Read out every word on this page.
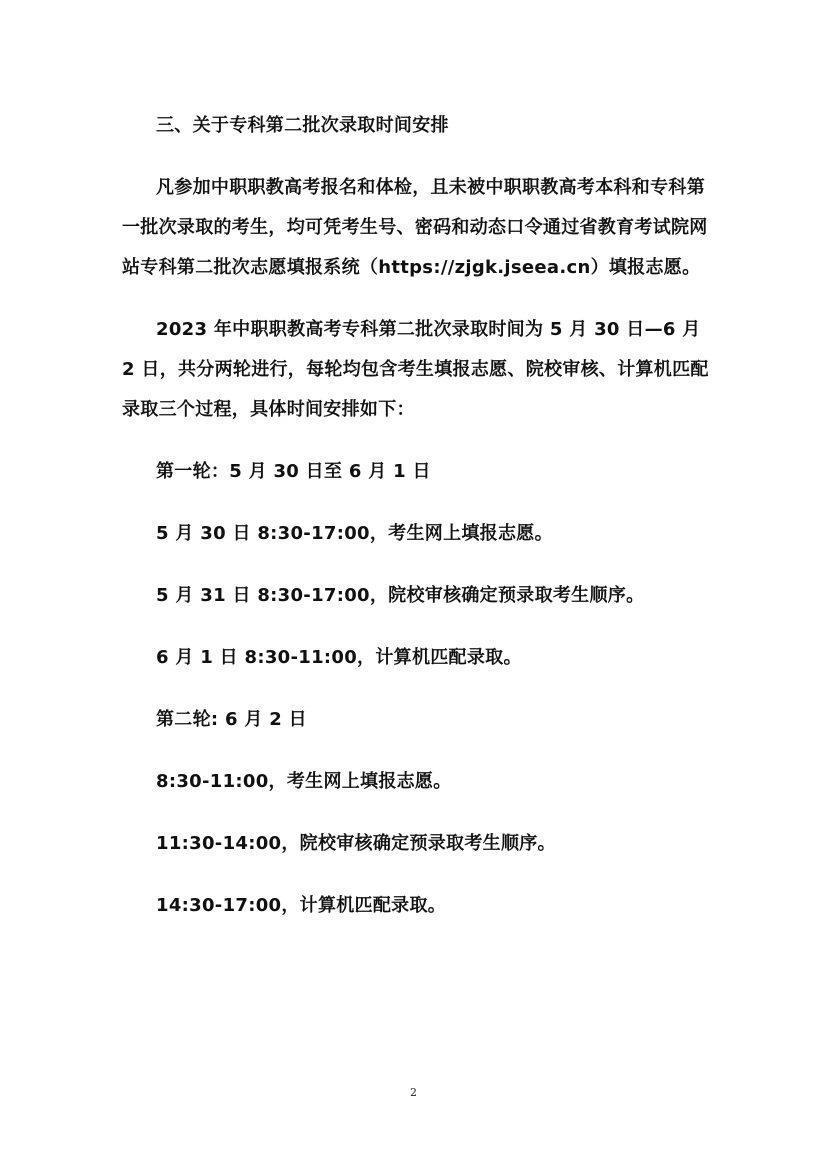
三、关于专科第二批次录取时间安排

凡参加中职职教高考报名和体检，且未被中职职教高考本科和专科第一批次录取的考生，均可凭考生号、密码和动态口令通过省教育考试院网站专科第二批次志愿填报系统（https://zjgk.jseea.cn）填报志愿。

2023 年中职职教高考专科第二批次录取时间为 5 月 30 日—6 月 2 日，共分两轮进行，每轮均包含考生填报志愿、院校审核、计算机匹配录取三个过程，具体时间安排如下：

第一轮：5 月 30 日至 6 月 1 日

5 月 30 日 8:30-17:00，考生网上填报志愿。

5 月 31 日 8:30-17:00，院校审核确定预录取考生顺序。

6 月 1 日 8:30-11:00，计算机匹配录取。

第二轮: 6 月 2 日

8:30-11:00，考生网上填报志愿。

11:30-14:00，院校审核确定预录取考生顺序。

14:30-17:00，计算机匹配录取。

2
